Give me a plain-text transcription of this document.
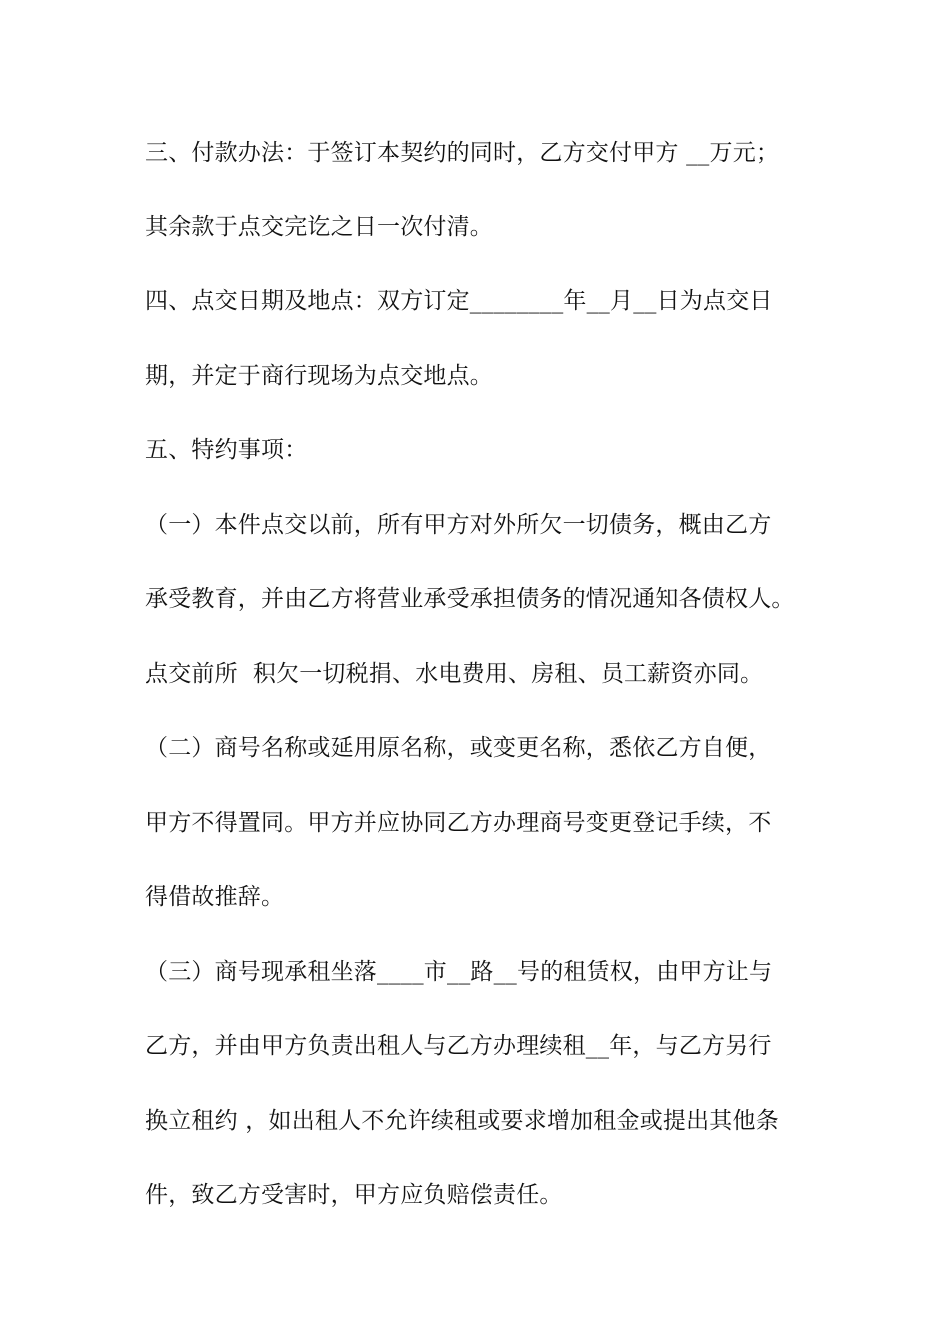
三、付款办法：于签订本契约的同时，乙方交付甲方 __万元；
其余款于点交完讫之日一次付清。
四、点交日期及地点：双方订定________年__月__日为点交日
期，并定于商行现场为点交地点。
五、特约事项：
（一）本件点交以前，所有甲方对外所欠一切债务，概由乙方
承受教育，并由乙方将营业承受承担债务的情况通知各债权人。
点交前所  积欠一切税捐、水电费用、房租、员工薪资亦同。
（二）商号名称或延用原名称，或变更名称，悉依乙方自便，
甲方不得置同。甲方并应协同乙方办理商号变更登记手续，不
得借故推辞。
（三）商号现承租坐落____市__路__号的租赁权，由甲方让与
乙方，并由甲方负责出租人与乙方办理续租__年，与乙方另行
换立租约 ，如出租人不允许续租或要求增加租金或提出其他条
件，致乙方受害时，甲方应负赔偿责任。
